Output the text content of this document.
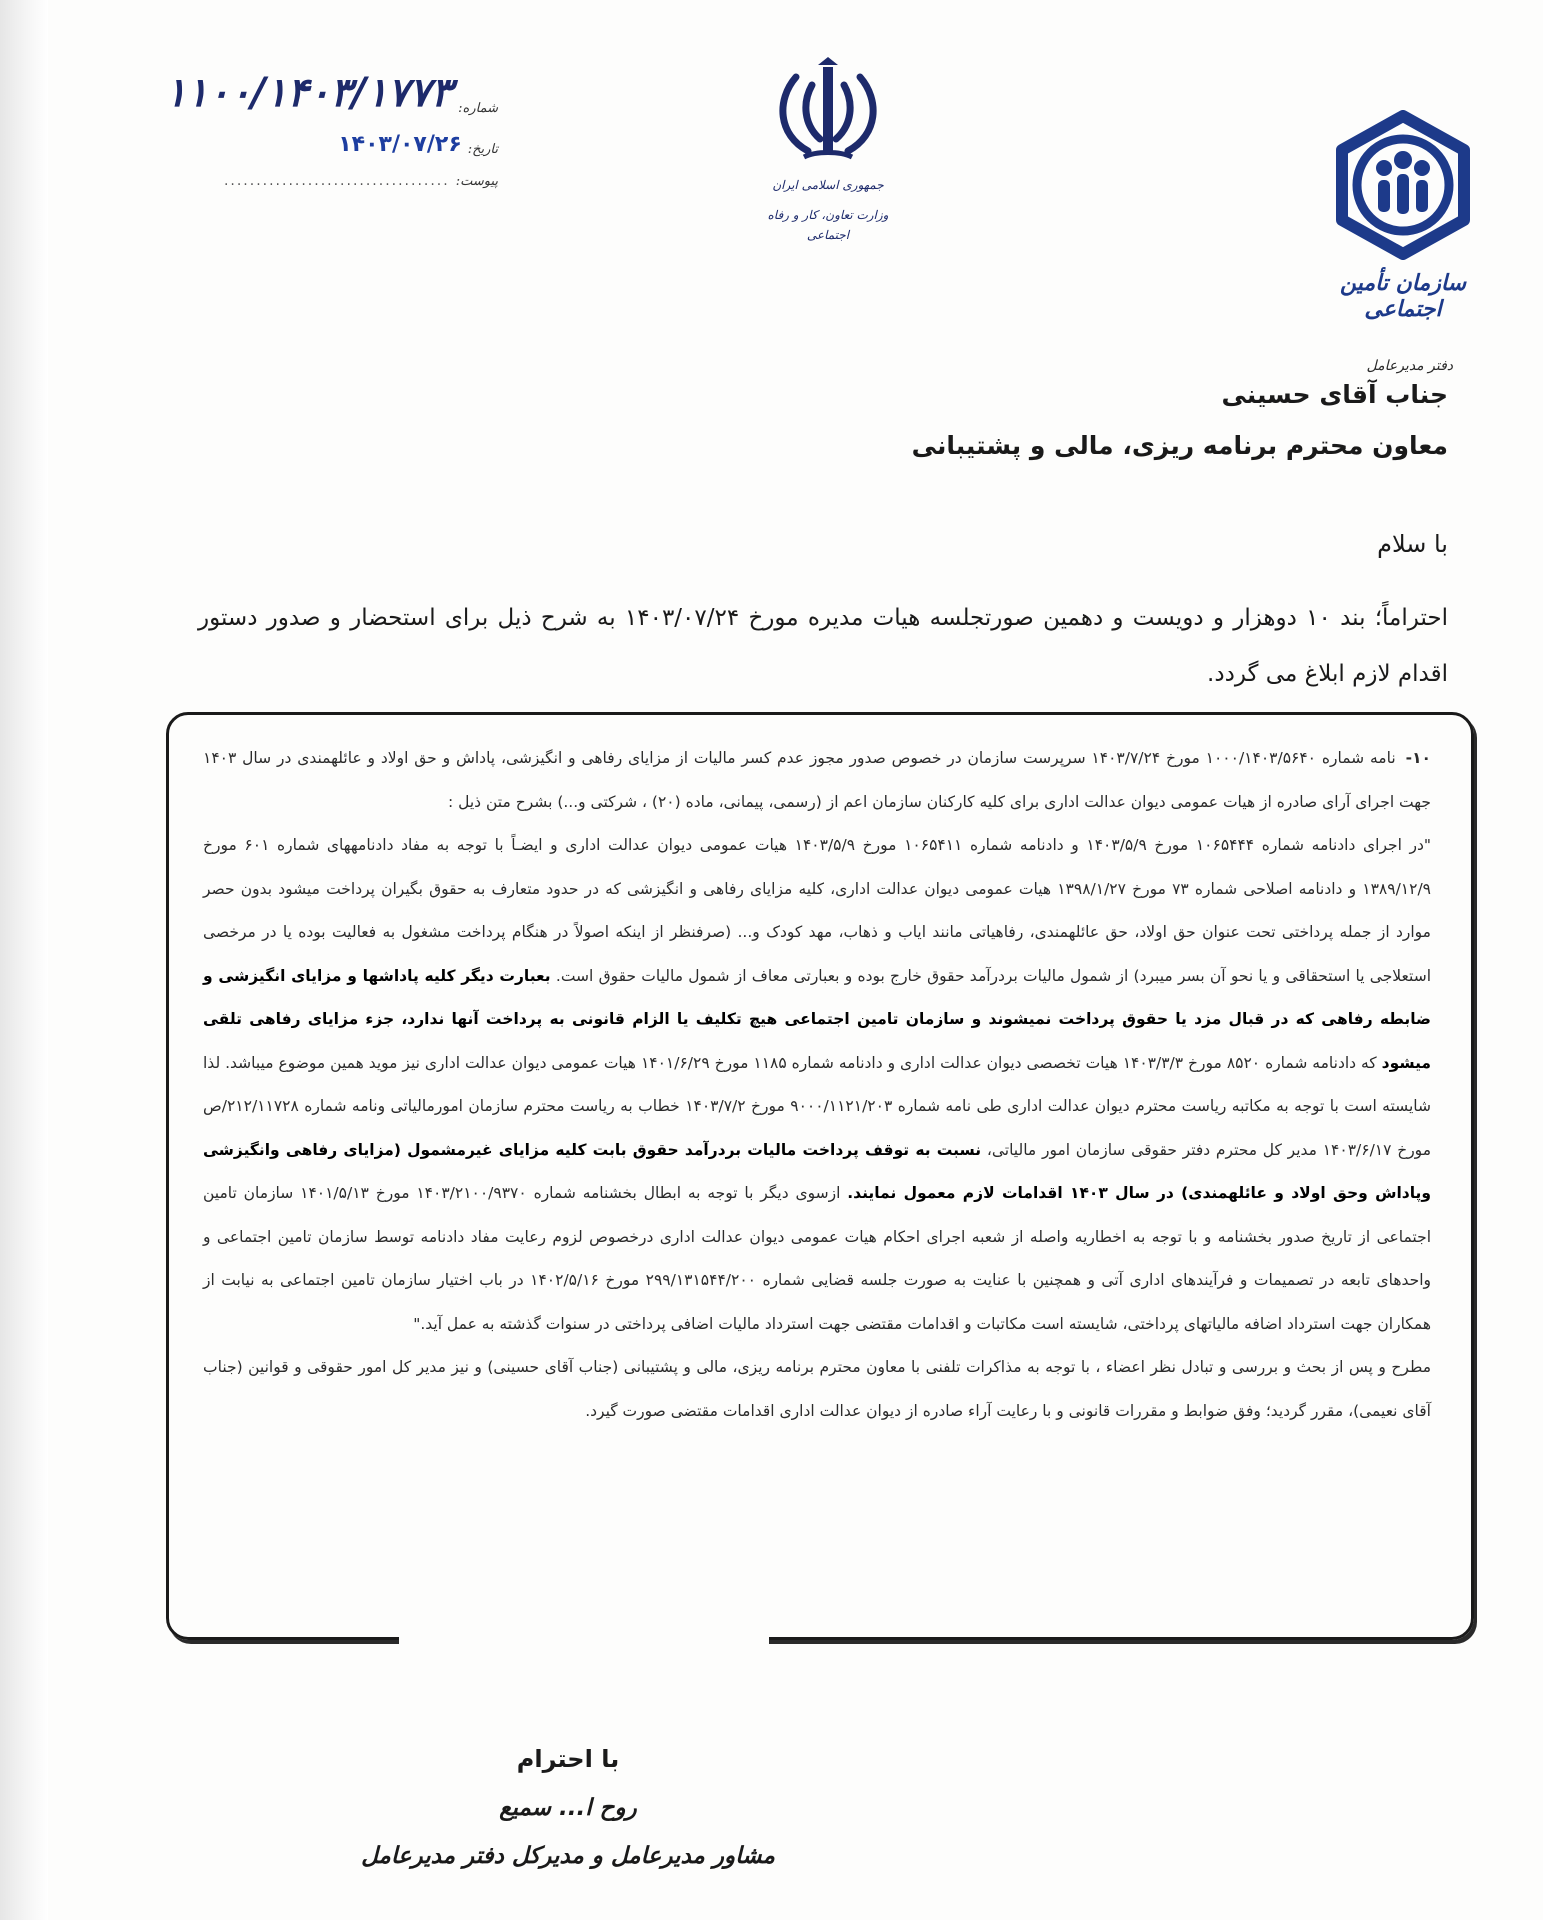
شماره:
۱۱۰۰/۱۴۰۳/۱۷۷۳
تاریخ:
۱۴۰۳/۰۷/۲۶
پیوست:
...................................	جمهوری اسلامی ایران
وزارت تعاون، کار و رفاه اجتماعی
سازمان تأمین اجتماعی
دفتر مدیرعامل
جناب آقای حسینی
معاون محترم برنامه ریزی، مالی و پشتیبانی
با سلام
احتراماً؛ بند ۱۰ دوهزار و دویست و دهمین صورتجلسه هیات مدیره مورخ ۱۴۰۳/۰۷/۲۴ به شرح ذیل برای استحضار و صدور دستور اقدام لازم ابلاغ می گردد.
۱۰-
نامه شماره ۱۰۰۰/۱۴۰۳/۵۶۴۰ مورخ ۱۴۰۳/۷/۲۴ سرپرست سازمان در خصوص صدور مجوز عدم کسر مالیات از مزایای رفاهی و انگیزشی، پاداش و حق اولاد و عائلهمندی در سال ۱۴۰۳ جهت اجرای آرای صادره از هیات عمومی دیوان عدالت اداری برای کلیه کارکنان سازمان اعم از (رسمی، پیمانی، ماده (۲۰) ، شرکتی و...) بشرح متن ذیل :
"در اجرای دادنامه شماره ۱۰۶۵۴۴۴ مورخ ۱۴۰۳/۵/۹ و دادنامه شماره ۱۰۶۵۴۱۱ مورخ ۱۴۰۳/۵/۹ هیات عمومی دیوان عدالت اداری و ایضـاً با توجه به مفاد دادنامههای شماره ۶۰۱ مورخ ۱۳۸۹/۱۲/۹ و دادنامه اصلاحی شماره ۷۳ مورخ ۱۳۹۸/۱/۲۷ هیات عمومی دیوان عدالت اداری، کلیه مزایای رفاهی و انگیزشی که در حدود متعارف به حقوق بگیران پرداخت میشود بدون حصر موارد از جمله پرداختی تحت عنوان حق اولاد، حق عائلهمندی، رفاهیاتی مانند ایاب و ذهاب، مهد کودک و... (صرفنظر از اینکه اصولاً در هنگام پرداخت مشغول به فعالیت بوده یا در مرخصی استعلاجی یا استحقاقی و یا نحو آن بسر میبرد) از شمول مالیات بردرآمد حقوق خارج بوده و بعبارتی معاف از شمول مالیات حقوق است. بعبارت دیگر کلیه پاداشها و مزایای انگیزشی و ضابطه رفاهی که در قبال مزد یا حقوق پرداخت نمیشوند و سازمان تامین اجتماعی هیچ تکلیف یا الزام قانونی به پرداخت آنها ندارد، جزء مزایای رفاهی تلقی میشود که دادنامه شماره ۸۵۲۰ مورخ ۱۴۰۳/۳/۳ هیات تخصصی دیوان عدالت اداری و دادنامه شماره ۱۱۸۵ مورخ ۱۴۰۱/۶/۲۹ هیات عمومی دیوان عدالت اداری نیز موید همین موضوع میباشد. لذا شایسته است با توجه به مکاتبه ریاست محترم دیوان عدالت اداری طی نامه شماره ۹۰۰۰/۱۱۲۱/۲۰۳ مورخ ۱۴۰۳/۷/۲ خطاب به ریاست محترم سازمان امورمالیاتی ونامه شماره ۲۱۲/۱۱۷۲۸/ص مورخ ۱۴۰۳/۶/۱۷ مدیر کل محترم دفتر حقوقی سازمان امور مالیاتی، نسبت به توقف پرداخت مالیات بردرآمد حقوق بابت کلیه مزایای غیرمشمول (مزایای رفاهی وانگیزشی وپاداش وحق اولاد و عائلهمندی) در سال ۱۴۰۳ اقدامات لازم معمول نمایند. ازسوی دیگر با توجه به ابطال بخشنامه شماره ۱۴۰۳/۲۱۰۰/۹۳۷۰ مورخ ۱۴۰۱/۵/۱۳ سازمان تامین اجتماعی از تاریخ صدور بخشنامه و با توجه به اخطاریه واصله از شعبه اجرای احکام هیات عمومی دیوان عدالت اداری درخصوص لزوم رعایت مفاد دادنامه توسط سازمان تامین اجتماعی و واحدهای تابعه در تصمیمات و فرآیندهای اداری آتی و همچنین با عنایت به صورت جلسه قضایی شماره ۲۹۹/۱۳۱۵۴۴/۲۰۰ مورخ ۱۴۰۲/۵/۱۶ در باب اختیار سازمان تامین اجتماعی به نیابت از همکاران جهت استرداد اضافه مالیاتهای پرداختی، شایسته است مکاتبات و اقدامات مقتضی جهت استرداد مالیات اضافی پرداختی در سنوات گذشته به عمل آید."
مطرح و پس از بحث و بررسی و تبادل نظر اعضاء ، با توجه به مذاکرات تلفنی با معاون محترم برنامه ریزی، مالی و پشتیبانی (جناب آقای حسینی) و نیز مدیر کل امور حقوقی و قوانین (جناب آقای نعیمی)، مقرر گردید؛ وفق ضوابط و مقررات قانونی و با رعایت آراء صادره از دیوان عدالت اداری اقدامات مقتضی صورت گیرد.
با احترام
روح ا... سمیع
مشاور مدیرعامل و مدیرکل دفتر مدیرعامل
